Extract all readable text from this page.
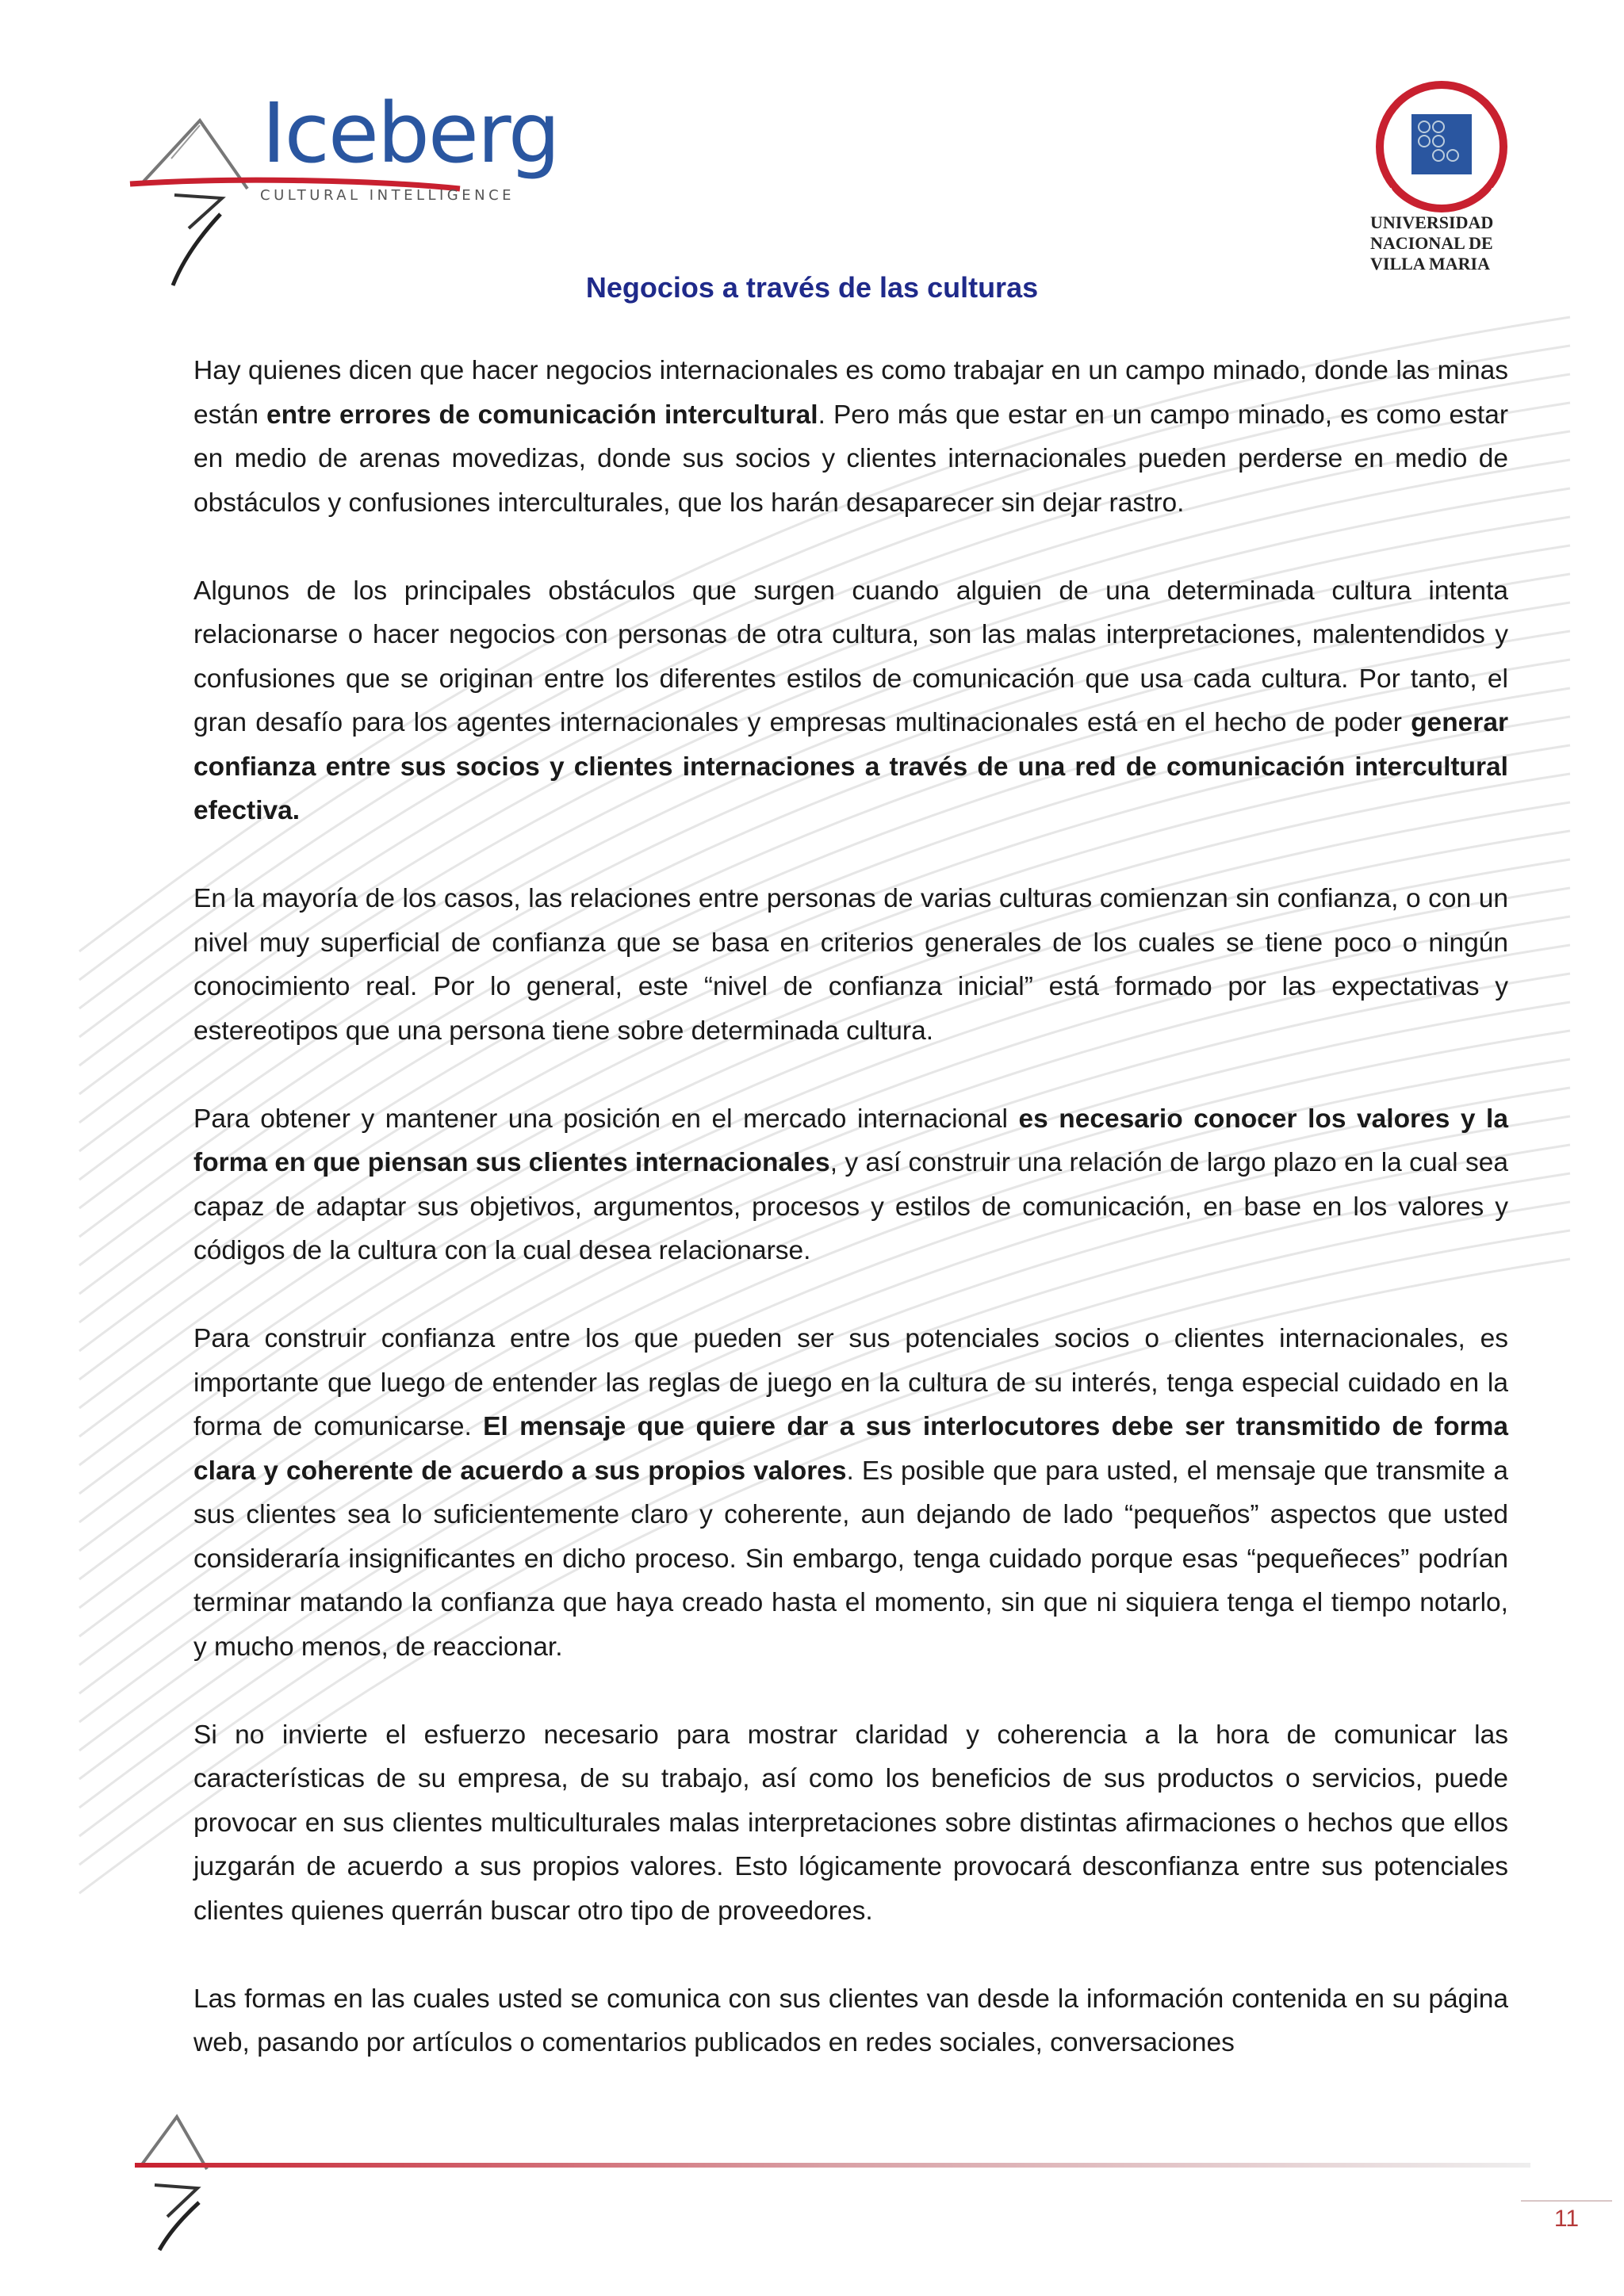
Iceberg
CULTURAL INTELLIGENCE
UNIVERSIDAD
NACIONAL DE
VILLA MARIA
Negocios a través de las culturas

Hay quienes dicen que hacer negocios internacionales es como trabajar en un campo minado, donde las minas están entre errores de comunicación intercultural. Pero más que estar en un campo minado, es como estar en medio de arenas movedizas, donde sus socios y clientes internacionales pueden perderse en medio de obstáculos y confusiones interculturales, que los harán desaparecer sin dejar rastro.

Algunos de los principales obstáculos que surgen cuando alguien de una determinada cultura intenta relacionarse o hacer negocios con personas de otra cultura, son las malas interpretaciones, malentendidos y confusiones que se originan entre los diferentes estilos de comunicación que usa cada cultura. Por tanto, el gran desafío para los agentes internacionales y empresas multinacionales está en el hecho de poder generar confianza entre sus socios y clientes internaciones a través de una red de comunicación intercultural efectiva.

En la mayoría de los casos, las relaciones entre personas de varias culturas comienzan sin confianza, o con un nivel muy superficial de confianza que se basa en criterios generales de los cuales se tiene poco o ningún conocimiento real. Por lo general, este “nivel de confianza inicial” está formado por las expectativas y estereotipos que una persona tiene sobre determinada cultura.

Para obtener y mantener una posición en el mercado internacional es necesario conocer los valores y la forma en que piensan sus clientes internacionales, y así construir una relación de largo plazo en la cual sea capaz de adaptar sus objetivos, argumentos, procesos y estilos de comunicación, en base en los valores y códigos de la cultura con la cual desea relacionarse.

Para construir confianza entre los que pueden ser sus potenciales socios o clientes internacionales, es importante que luego de entender las reglas de juego en la cultura de su interés, tenga especial cuidado en la forma de comunicarse. El mensaje que quiere dar a sus interlocutores debe ser transmitido de forma clara y coherente de acuerdo a sus propios valores. Es posible que para usted, el mensaje que transmite a sus clientes sea lo suficientemente claro y coherente, aun dejando de lado “pequeños” aspectos que usted consideraría insignificantes en dicho proceso. Sin embargo, tenga cuidado porque esas “pequeñeces” podrían terminar matando la confianza que haya creado hasta el momento, sin que ni siquiera tenga el tiempo notarlo, y mucho menos, de reaccionar.

Si no invierte el esfuerzo necesario para mostrar claridad y coherencia a la hora de comunicar las características de su empresa, de su trabajo, así como los beneficios de sus productos o servicios, puede provocar en sus clientes multiculturales malas interpretaciones sobre distintas afirmaciones o hechos que ellos juzgarán de acuerdo a sus propios valores. Esto lógicamente provocará desconfianza entre sus potenciales clientes quienes querrán buscar otro tipo de proveedores.

Las formas en las cuales usted se comunica con sus clientes van desde la información contenida en su página web, pasando por artículos o comentarios publicados en redes sociales, conversaciones

11
